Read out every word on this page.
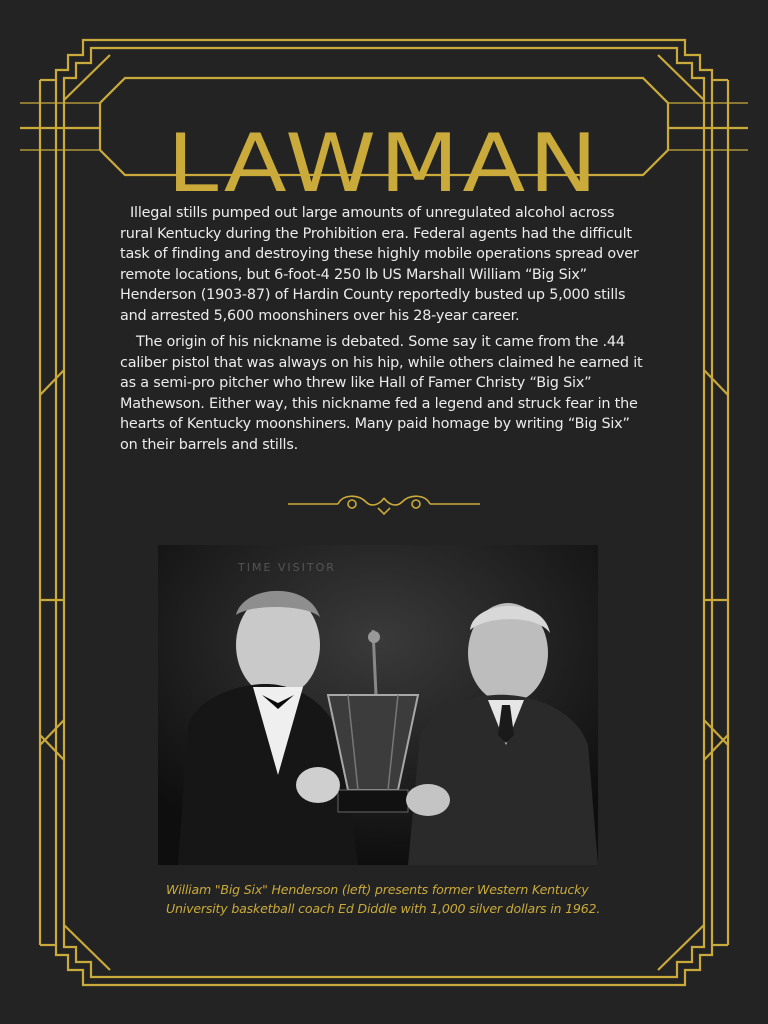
LAWMAN

Illegal stills pumped out large amounts of unregulated alcohol across rural Kentucky during the Prohibition era. Federal agents had the difficult task of finding and destroying these highly mobile operations spread over remote locations, but 6-foot-4 250 lb US Marshall William “Big Six” Henderson (1903-87) of Hardin County reportedly busted up 5,000 stills and arrested 5,600 moonshiners over his 28-year career.

The origin of his nickname is debated. Some say it came from the .44 caliber pistol that was always on his hip, while others claimed he earned it as a semi-pro pitcher who threw like Hall of Famer Christy “Big Six” Mathewson. Either way, this nickname fed a legend and struck fear in the hearts of Kentucky moonshiners. Many paid homage by writing “Big Six” on their barrels and stills.

TIME VISITOR
William "Big Six" Henderson (left) presents former Western Kentucky University basketball coach Ed Diddle with 1,000 silver dollars in 1962.
